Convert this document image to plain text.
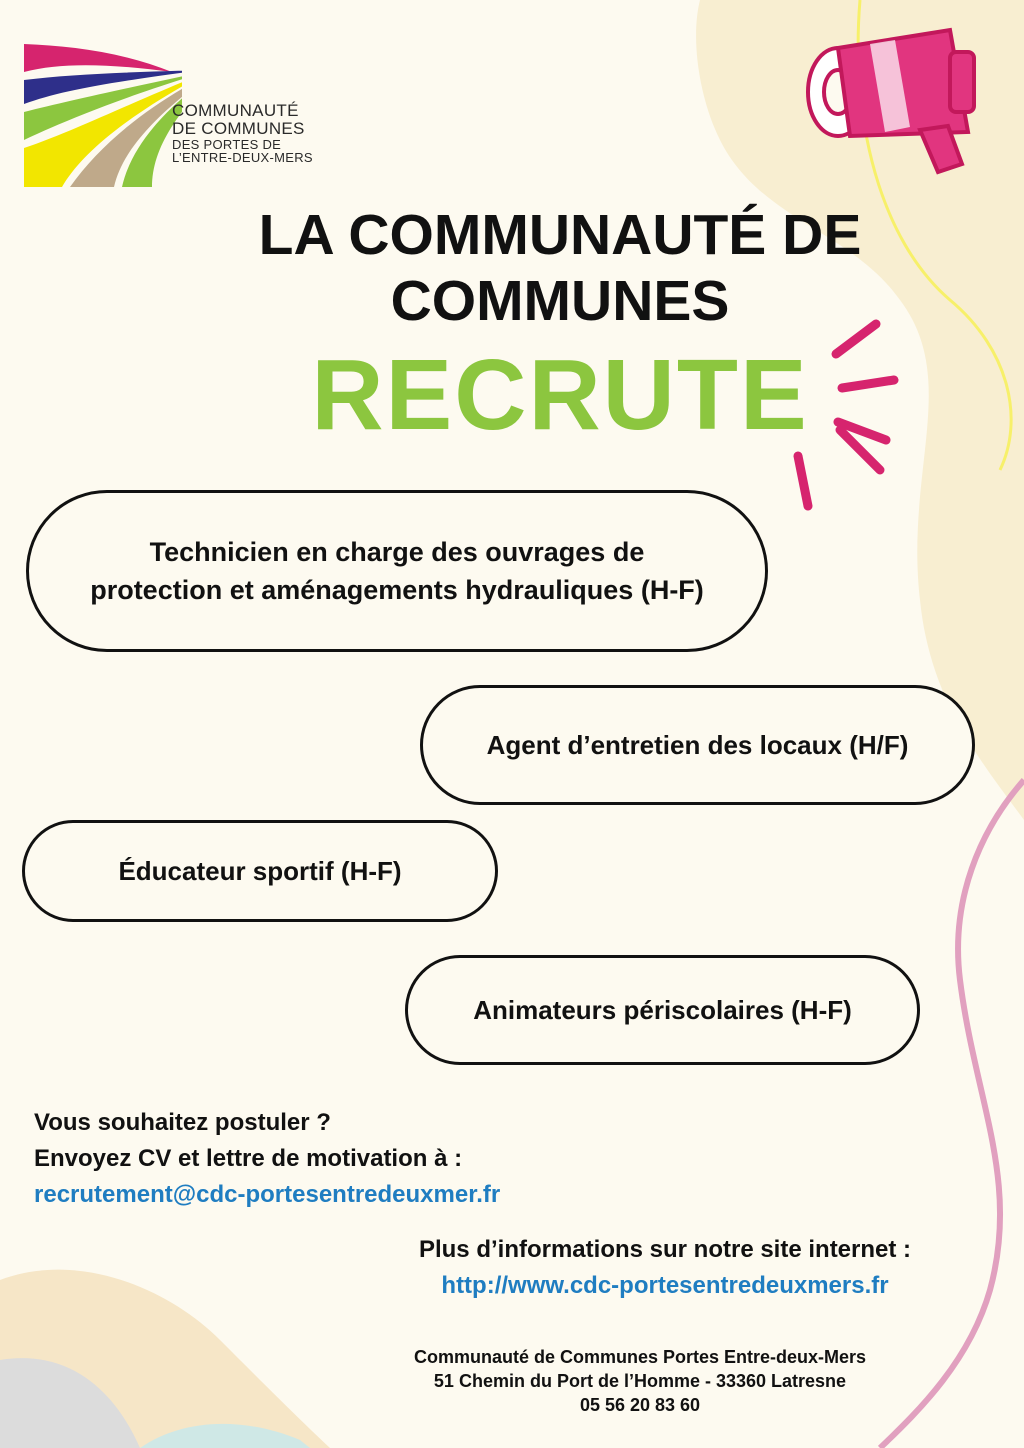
COMMUNAUTÉ
DE COMMUNES
DES PORTES DE
L’ENTRE-DEUX-MERS
LA COMMUNAUTÉ DE
COMMUNES
RECRUTE
Technicien en charge des ouvrages de
protection et aménagements hydrauliques (H-F)
Agent d’entretien des locaux (H/F)
Éducateur sportif (H-F)
Animateurs périscolaires (H-F)
Vous souhaitez postuler ?
Envoyez CV et lettre de motivation à :
recrutement@cdc-portesentredeuxmer.fr
Plus d’informations sur notre site internet :
http://www.cdc-portesentredeuxmers.fr
Communauté de Communes Portes Entre-deux-Mers
51 Chemin du Port de l’Homme - 33360 Latresne
05 56 20 83 60
